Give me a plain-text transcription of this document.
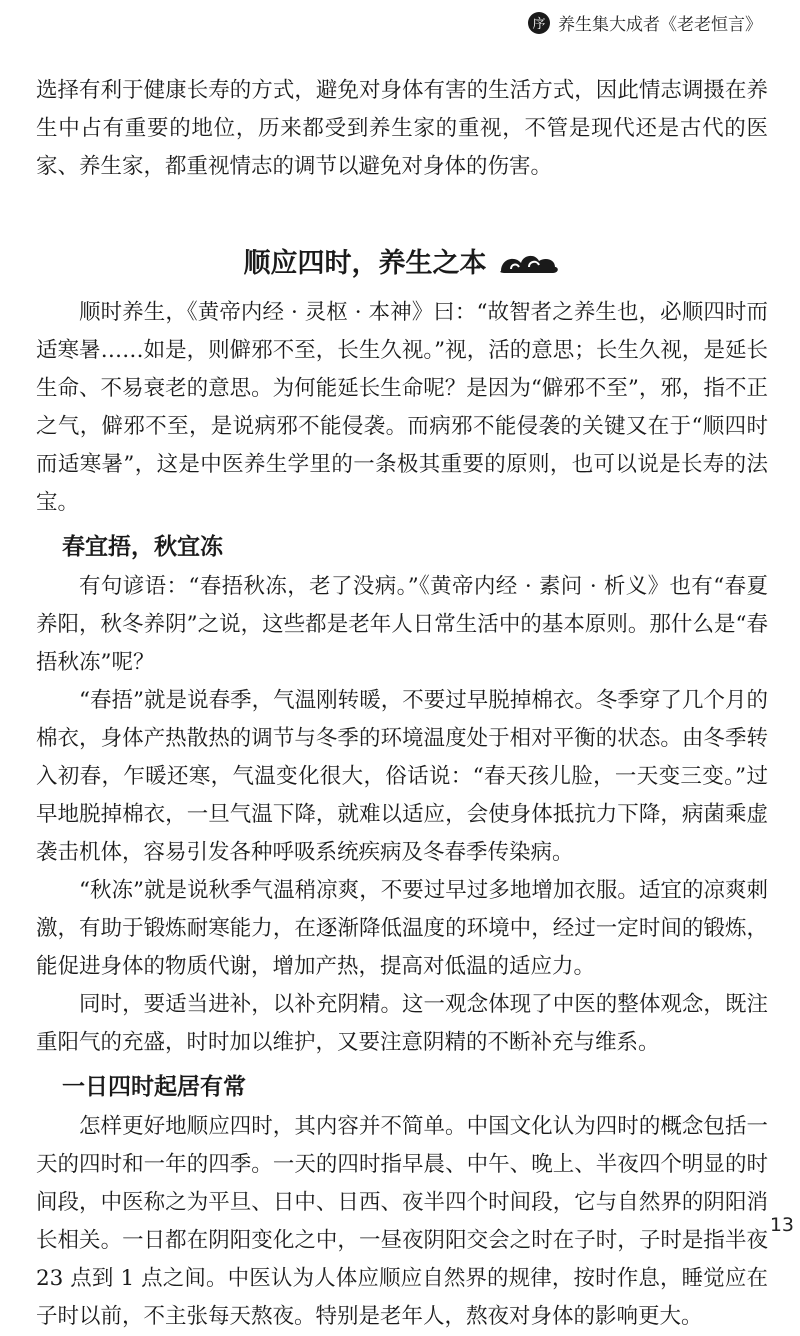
序 养生集大成者《老老恒言》

选择有利于健康长寿的方式，避免对身体有害的生活方式，因此情志调摄在养生中占有重要的地位，历来都受到养生家的重视，不管是现代还是古代的医家、养生家，都重视情志的调节以避免对身体的伤害。

顺应四时，养生之本

顺时养生，《黄帝内经 · 灵枢 · 本神》曰：“故智者之养生也，必顺四时而适寒暑……如是，则僻邪不至，长生久视。”视，活的意思；长生久视，是延长生命、不易衰老的意思。为何能延长生命呢？是因为“僻邪不至”，邪，指不正之气，僻邪不至，是说病邪不能侵袭。而病邪不能侵袭的关键又在于“顺四时而适寒暑”，这是中医养生学里的一条极其重要的原则，也可以说是长寿的法宝。

春宜捂，秋宜冻

有句谚语：“春捂秋冻，老了没病。”《黄帝内经 · 素问 · 析义》也有“春夏养阳，秋冬养阴”之说，这些都是老年人日常生活中的基本原则。那什么是“春捂秋冻”呢？

“春捂”就是说春季，气温刚转暖，不要过早脱掉棉衣。冬季穿了几个月的棉衣，身体产热散热的调节与冬季的环境温度处于相对平衡的状态。由冬季转入初春，乍暖还寒，气温变化很大，俗话说：“春天孩儿脸，一天变三变。”过早地脱掉棉衣，一旦气温下降，就难以适应，会使身体抵抗力下降，病菌乘虚袭击机体，容易引发各种呼吸系统疾病及冬春季传染病。

“秋冻”就是说秋季气温稍凉爽，不要过早过多地增加衣服。适宜的凉爽刺激，有助于锻炼耐寒能力，在逐渐降低温度的环境中，经过一定时间的锻炼，能促进身体的物质代谢，增加产热，提高对低温的适应力。

同时，要适当进补，以补充阴精。这一观念体现了中医的整体观念，既注重阳气的充盛，时时加以维护，又要注意阴精的不断补充与维系。

一日四时起居有常

怎样更好地顺应四时，其内容并不简单。中国文化认为四时的概念包括一天的四时和一年的四季。一天的四时指早晨、中午、晚上、半夜四个明显的时间段，中医称之为平旦、日中、日西、夜半四个时间段，它与自然界的阴阳消长相关。一日都在阴阳变化之中，一昼夜阴阳交会之时在子时，子时是指半夜 23 点到 1 点之间。中医认为人体应顺应自然界的规律，按时作息，睡觉应在子时以前，不主张每天熬夜。特别是老年人，熬夜对身体的影响更大。

13
